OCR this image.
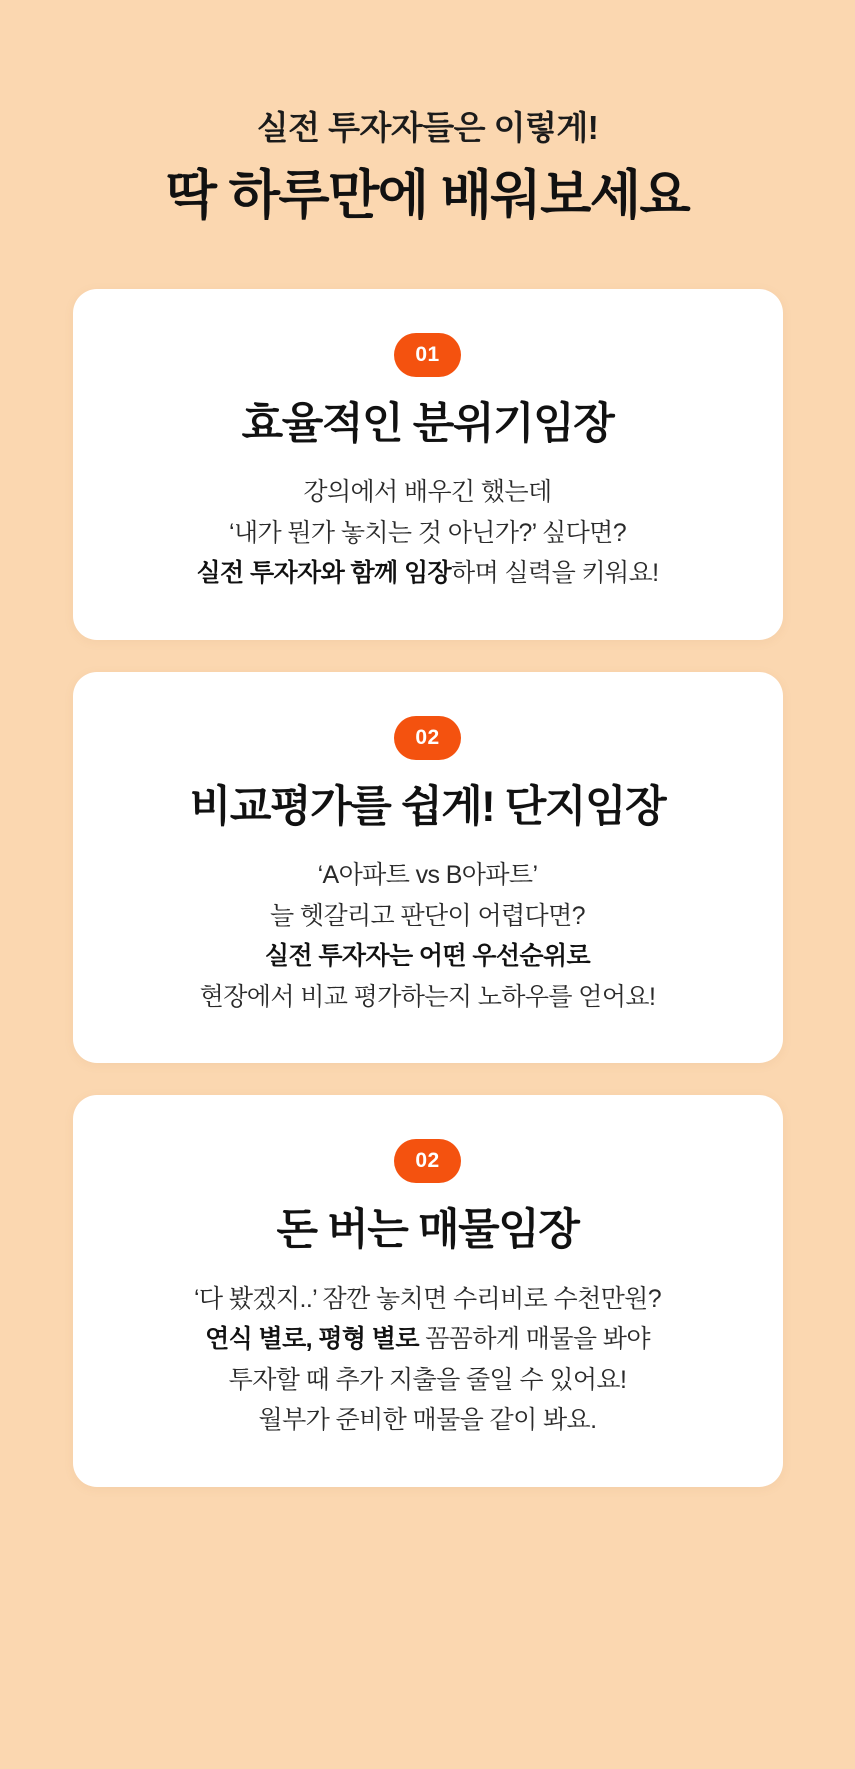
실전 투자자들은 이렇게!
딱 하루만에 배워보세요
01
효율적인 분위기임장
강의에서 배우긴 했는데
‘내가 뭔가 놓치는 것 아닌가?’ 싶다면?
실전 투자자와 함께 임장하며 실력을 키워요!
02
비교평가를 쉽게! 단지임장
‘A아파트 vs B아파트’
늘 헷갈리고 판단이 어렵다면?
실전 투자자는 어떤 우선순위로
현장에서 비교 평가하는지 노하우를 얻어요!
02
돈 버는 매물임장
‘다 봤겠지..’ 잠깐 놓치면 수리비로 수천만원?
연식 별로, 평형 별로 꼼꼼하게 매물을 봐야
투자할 때 추가 지출을 줄일 수 있어요!
월부가 준비한 매물을 같이 봐요.
